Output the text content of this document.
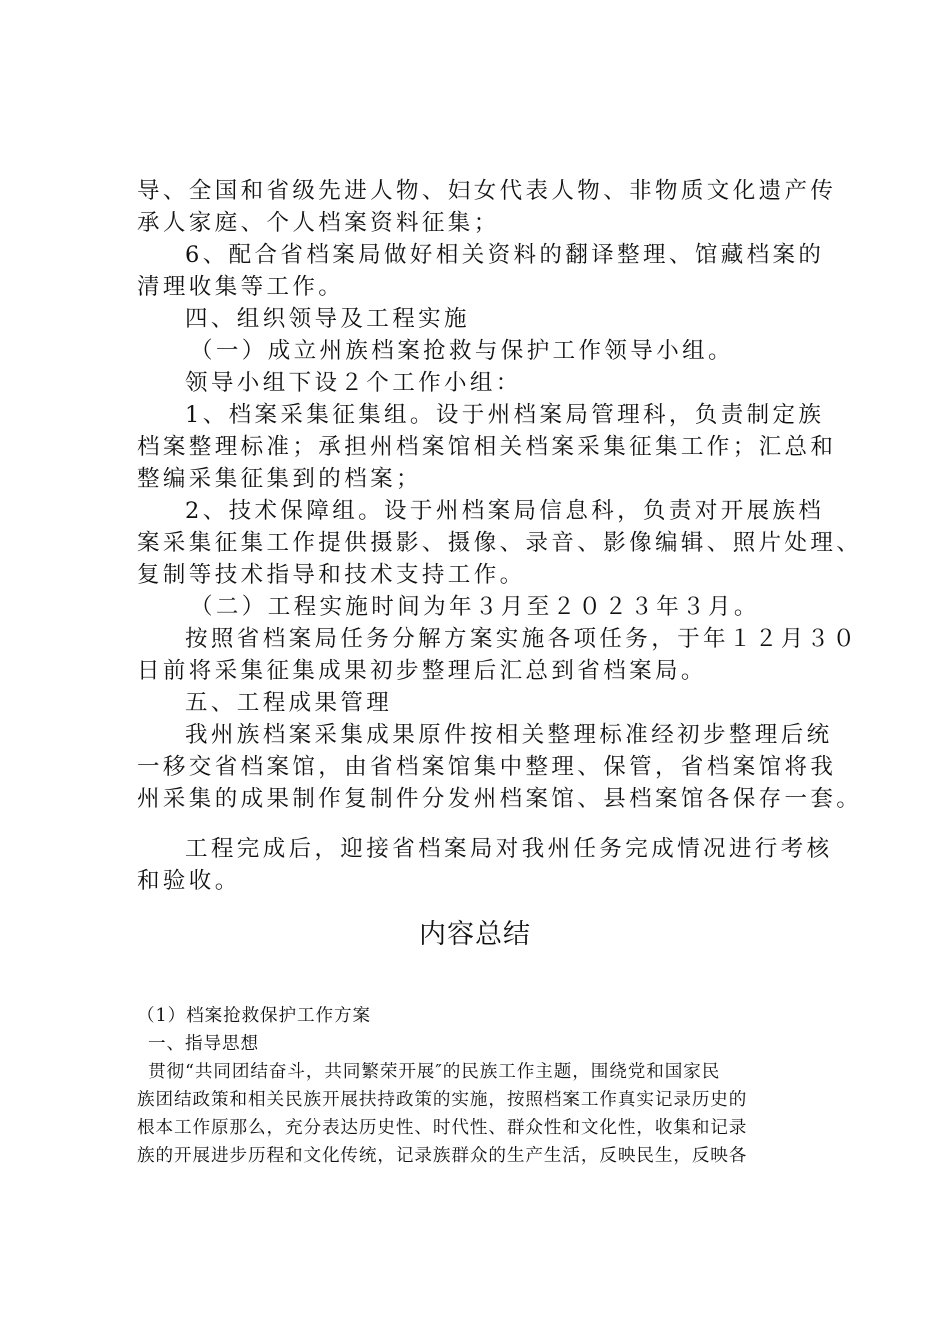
导、全国和省级先进人物、妇女代表人物、非物质文化遗产传
承人家庭、个人档案资料征集；
6、配合省档案局做好相关资料的翻译整理、馆藏档案的
清理收集等工作。
四、组织领导及工程实施
（一）成立州族档案抢救与保护工作领导小组。
领导小组下设２个工作小组：
1、档案采集征集组。设于州档案局管理科，负责制定族
档案整理标准；承担州档案馆相关档案采集征集工作；汇总和
整编采集征集到的档案；
2、技术保障组。设于州档案局信息科，负责对开展族档
案采集征集工作提供摄影、摄像、录音、影像编辑、照片处理、
复制等技术指导和技术支持工作。
（二）工程实施时间为年３月至２０２３年３月。
按照省档案局任务分解方案实施各项任务，于年１２月３０
日前将采集征集成果初步整理后汇总到省档案局。
五、工程成果管理
我州族档案采集成果原件按相关整理标准经初步整理后统
一移交省档案馆，由省档案馆集中整理、保管，省档案馆将我
州采集的成果制作复制件分发州档案馆、县档案馆各保存一套。
工程完成后，迎接省档案局对我州任务完成情况进行考核
和验收。
内容总结
（1）档案抢救保护工作方案
一、指导思想
贯彻“共同团结奋斗，共同繁荣开展″的民族工作主题，围绕党和国家民
族团结政策和相关民族开展扶持政策的实施，按照档案工作真实记录历史的
根本工作原那么，充分表达历史性、时代性、群众性和文化性，收集和记录
族的开展进步历程和文化传统，记录族群众的生产生活，反映民生，反映各
